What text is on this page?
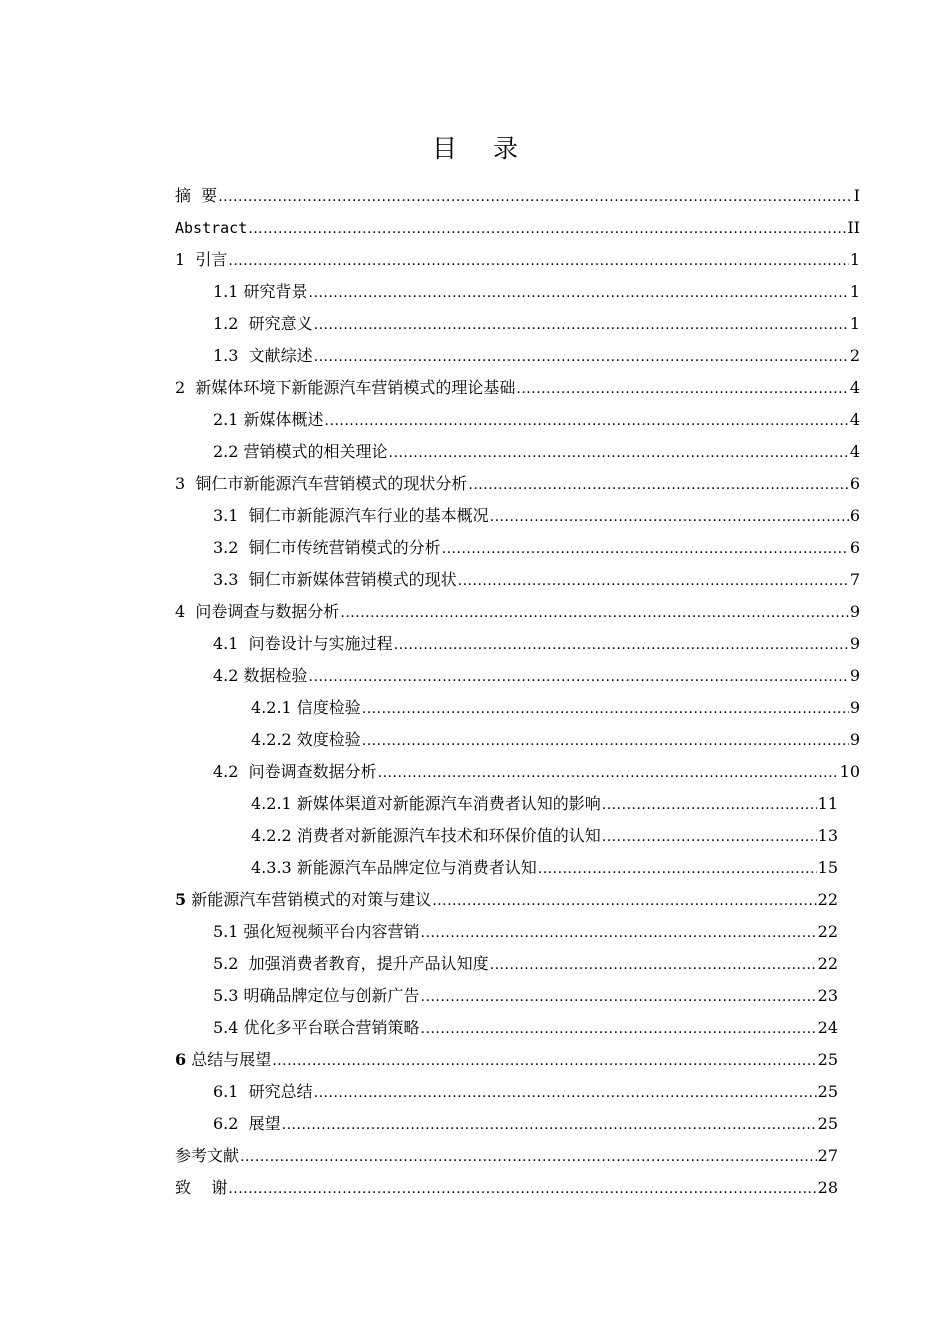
目 录
摘  要 .....	I
Abstract .....	II
1  引言 .....	1
1.1 研究背景 .....	1
1.2  研究意义 .....	1
1.3  文献综述 .....	2
2  新媒体环境下新能源汽车营销模式的理论基础 .....	4
2.1 新媒体概述 .....	4
2.2 营销模式的相关理论 .....	4
3  铜仁市新能源汽车营销模式的现状分析 .....	6
3.1  铜仁市新能源汽车行业的基本概况 .....	6
3.2  铜仁市传统营销模式的分析 .....	6
3.3  铜仁市新媒体营销模式的现状 .....	7
4  问卷调查与数据分析 .....	9
4.1  问卷设计与实施过程 .....	9
4.2 数据检验 .....	9
4.2.1 信度检验 .....	9
4.2.2 效度检验 .....	9
4.2  问卷调查数据分析 .....	10
4.2.1 新媒体渠道对新能源汽车消费者认知的影响 .....	11
4.2.2 消费者对新能源汽车技术和环保价值的认知 .....	13
4.3.3 新能源汽车品牌定位与消费者认知 .....	15
5 新能源汽车营销模式的对策与建议 .....	22
5.1 强化短视频平台内容营销 .....	22
5.2  加强消费者教育，提升产品认知度 .....	22
5.3 明确品牌定位与创新广告 .....	23
5.4 优化多平台联合营销策略 .....	24
6 总结与展望 .....	25
6.1  研究总结 .....	25
6.2  展望 .....	25
参考文献 .....	27
致    谢 .....	28
